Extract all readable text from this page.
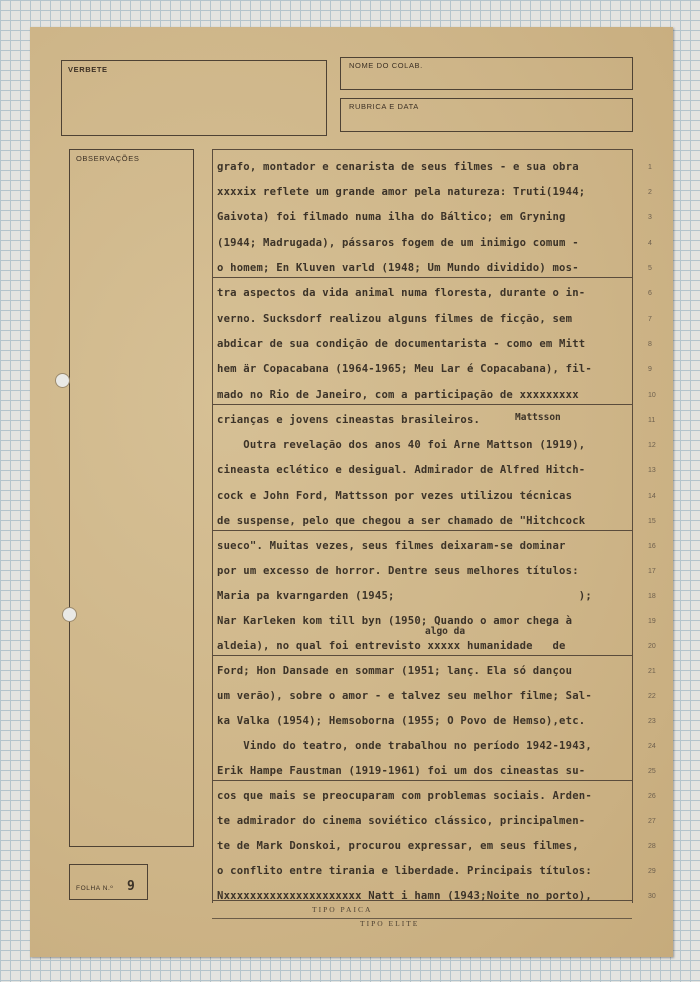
VERBETE	NOME DO COLAB.
RUBRICA E DATA
OBSERVAÇÕES
FOLHA N.º 9
TIPO PAICA
TIPO ELITE
Mattsson
algo da
grafo, montador e cenarista de seus filmes - e sua obra
xxxxix reflete um grande amor pela natureza: Truti(1944;
Gaivota) foi filmado numa ilha do Báltico; em Gryning
(1944; Madrugada), pássaros fogem de um inimigo comum -
o homem; En Kluven varld (1948; Um Mundo dividido) mos-
tra aspectos da vida animal numa floresta, durante o in-
verno. Sucksdorf realizou alguns filmes de ficção, sem
abdicar de sua condição de documentarista - como em Mitt
hem är Copacabana (1964-1965; Meu Lar é Copacabana), fil-
mado no Rio de Janeiro, com a participação de xxxxxxxxx
crianças e jovens cineastas brasileiros.
Outra revelação dos anos 40 foi Arne Mattson (1919),
cineasta eclético e desigual. Admirador de Alfred Hitch-
cock e John Ford, Mattsson por vezes utilizou técnicas
de suspense, pelo que chegou a ser chamado de "Hitchcock
sueco". Muitas vezes, seus filmes deixaram-se dominar
por um excesso de horror. Dentre seus melhores títulos:
Maria pa kvarngarden (1945;                            );
Nar Karleken kom till byn (1950; Quando o amor chega à
aldeia), no qual foi entrevisto xxxxx humanidade   de
Ford; Hon Dansade en sommar (1951; lanç. Ela só dançou
um verão), sobre o amor - e talvez seu melhor filme; Sal-
ka Valka (1954); Hemsoborna (1955; O Povo de Hemso),etc.
Vindo do teatro, onde trabalhou no período 1942-1943,
Erik Hampe Faustman (1919-1961) foi um dos cineastas su-
cos que mais se preocuparam com problemas sociais. Arden-
te admirador do cinema soviético clássico, principalmen-
te de Mark Donskoi, procurou expressar, em seus filmes,
o conflito entre tirania e liberdade. Principais títulos:
Nxxxxxxxxxxxxxxxxxxxxx Natt i hamn (1943;Noite no porto),
1
2
3
4
5
6
7
8
9
10
11
12
13
14
15
16
17
18
19
20
21
22
23
24
25
26
27
28
29
30
